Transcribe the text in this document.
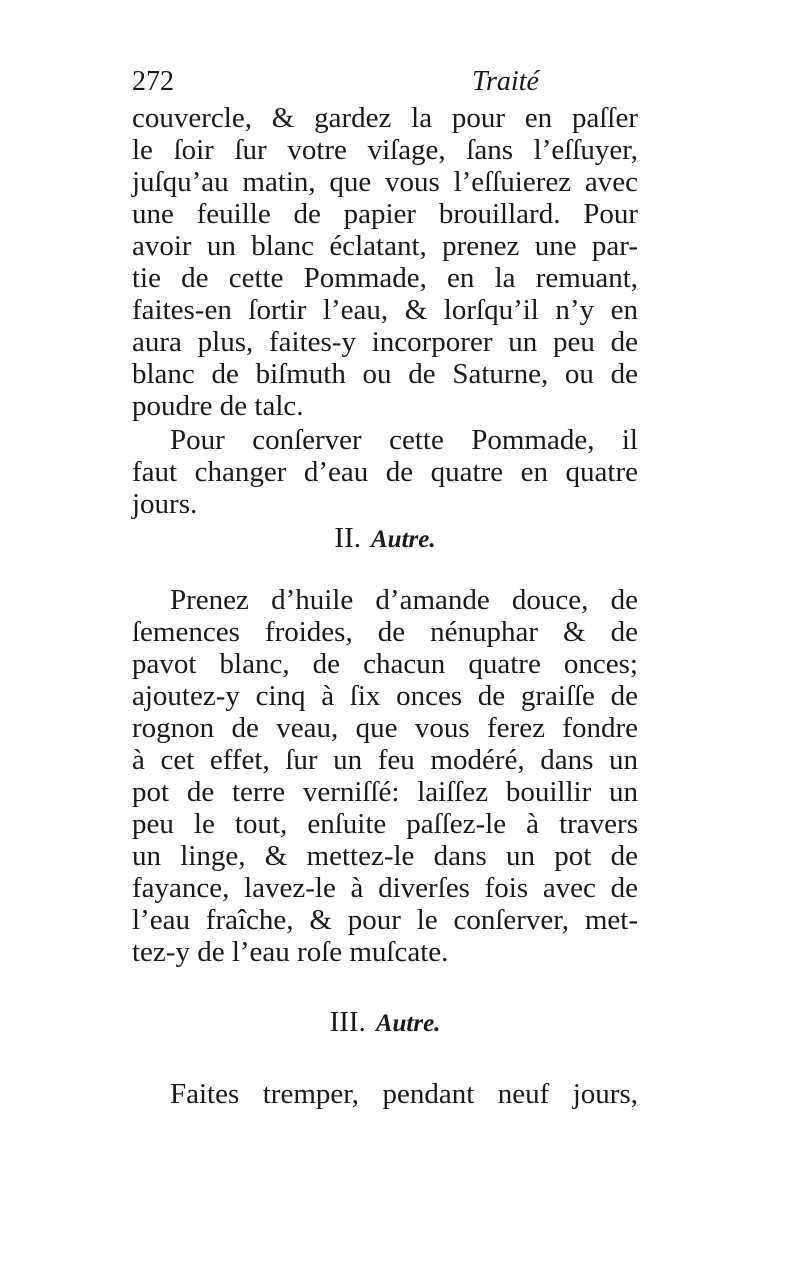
272	Traité
couvercle, & gardez la pour en paſſer
le ſoir ſur votre viſage, ſans l’eſſuyer,
juſqu’au matin, que vous l’eſſuierez avec
une feuille de papier brouillard. Pour
avoir un blanc éclatant, prenez une par-
tie de cette Pommade, en la remuant,
faites-en ſortir l’eau, & lorſqu’il n’y en
aura plus, faites-y incorporer un peu de
blanc de biſmuth ou de Saturne, ou de
poudre de talc.
Pour conſerver cette Pommade, il
faut changer d’eau de quatre en quatre
jours.
II. Autre.
Prenez d’huile d’amande douce, de
ſemences froides, de nénuphar & de
pavot blanc, de chacun quatre onces;
ajoutez-y cinq à ſix onces de graiſſe de
rognon de veau, que vous ferez fondre
à cet effet, ſur un feu modéré, dans un
pot de terre verniſſé: laiſſez bouillir un
peu le tout, enſuite paſſez-le à travers
un linge, & mettez-le dans un pot de
fayance, lavez-le à diverſes fois avec de
l’eau fraîche, & pour le conſerver, met-
tez-y de l’eau roſe muſcate.
III. Autre.
Faites tremper, pendant neuf jours,
